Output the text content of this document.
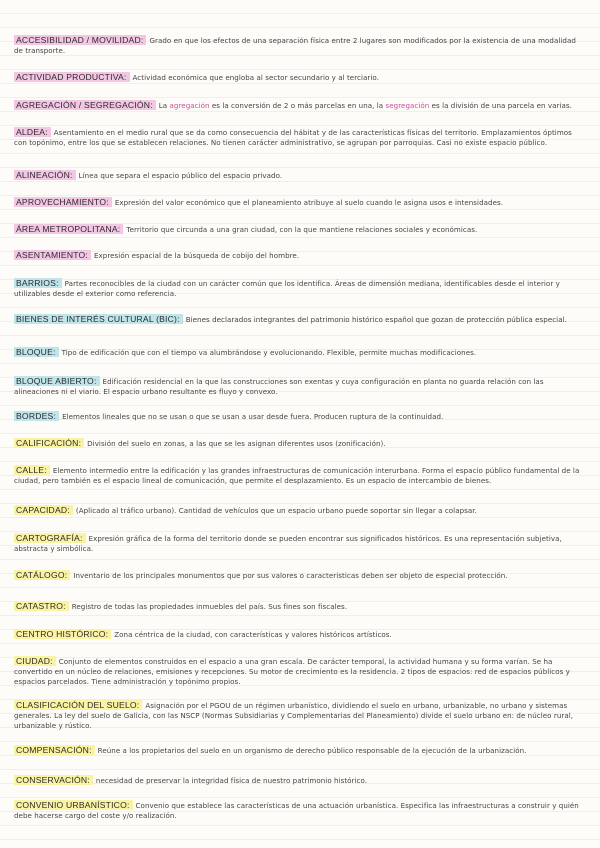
ACCESIBILIDAD / MOVILIDAD: Grado en que los efectos de una separación física entre 2 lugares son modificados por la existencia de una modalidad de transporte.
ACTIVIDAD PRODUCTIVA: Actividad económica que engloba al sector secundario y al terciario.
AGREGACIÓN / SEGREGACIÓN: La agregación es la conversión de 2 o más parcelas en una, la segregación es la división de una parcela en varias.
ALDEA: Asentamiento en el medio rural que se da como consecuencia del hábitat y de las características físicas del territorio. Emplazamientos óptimos con topónimo, entre los que se establecen relaciones. No tienen carácter administrativo, se agrupan por parroquias. Casi no existe espacio público.
ALINEACIÓN: Línea que separa el espacio público del espacio privado.
APROVECHAMIENTO: Expresión del valor económico que el planeamiento atribuye al suelo cuando le asigna usos e intensidades.
ÁREA METROPOLITANA: Territorio que circunda a una gran ciudad, con la que mantiene relaciones sociales y económicas.
ASENTAMIENTO: Expresión espacial de la búsqueda de cobijo del hombre.
BARRIOS: Partes reconocibles de la ciudad con un carácter común que los identifica. Áreas de dimensión mediana, identificables desde el interior y utilizables desde el exterior como referencia.
BIENES DE INTERÉS CULTURAL (BIC): Bienes declarados integrantes del patrimonio histórico español que gozan de protección pública especial.
BLOQUE: Tipo de edificación que con el tiempo va alumbrándose y evolucionando. Flexible, permite muchas modificaciones.
BLOQUE ABIERTO: Edificación residencial en la que las construcciones son exentas y cuya configuración en planta no guarda relación con las alineaciones ni el viario. El espacio urbano resultante es fluyo y convexo.
BORDES: Elementos lineales que no se usan o que se usan a usar desde fuera. Producen ruptura de la continuidad.
CALIFICACIÓN: División del suelo en zonas, a las que se les asignan diferentes usos (zonificación).
CALLE: Elemento intermedio entre la edificación y las grandes infraestructuras de comunicación interurbana. Forma el espacio público fundamental de la ciudad, pero también es el espacio lineal de comunicación, que permite el desplazamiento. Es un espacio de intercambio de bienes.
CAPACIDAD: (Aplicado al tráfico urbano). Cantidad de vehículos que un espacio urbano puede soportar sin llegar a colapsar.
CARTOGRAFÍA: Expresión gráfica de la forma del territorio donde se pueden encontrar sus significados históricos. Es una representación subjetiva, abstracta y simbólica.
CATÁLOGO: Inventario de los principales monumentos que por sus valores o características deben ser objeto de especial protección.
CATASTRO: Registro de todas las propiedades inmuebles del país. Sus fines son fiscales.
CENTRO HISTÓRICO: Zona céntrica de la ciudad, con características y valores históricos artísticos.
CIUDAD: Conjunto de elementos construidos en el espacio a una gran escala. De carácter temporal, la actividad humana y su forma varían. Se ha convertido en un núcleo de relaciones, emisiones y recepciones. Su motor de crecimiento es la residencia. 2 tipos de espacios: red de espacios públicos y espacios parcelados. Tiene administración y topónimo propios.
CLASIFICACIÓN DEL SUELO: Asignación por el PGOU de un régimen urbanístico, dividiendo el suelo en urbano, urbanizable, no urbano y sistemas generales. La ley del suelo de Galicia, con las NSCP (Normas Subsidiarias y Complementarias del Planeamiento) divide el suelo urbano en: de núcleo rural, urbanizable y rústico.
COMPENSACIÓN: Reúne a los propietarios del suelo en un organismo de derecho público responsable de la ejecución de la urbanización.
CONSERVACIÓN: necesidad de preservar la integridad física de nuestro patrimonio histórico.
CONVENIO URBANÍSTICO: Convenio que establece las características de una actuación urbanística. Especifica las infraestructuras a construir y quién debe hacerse cargo del coste y/o realización.
